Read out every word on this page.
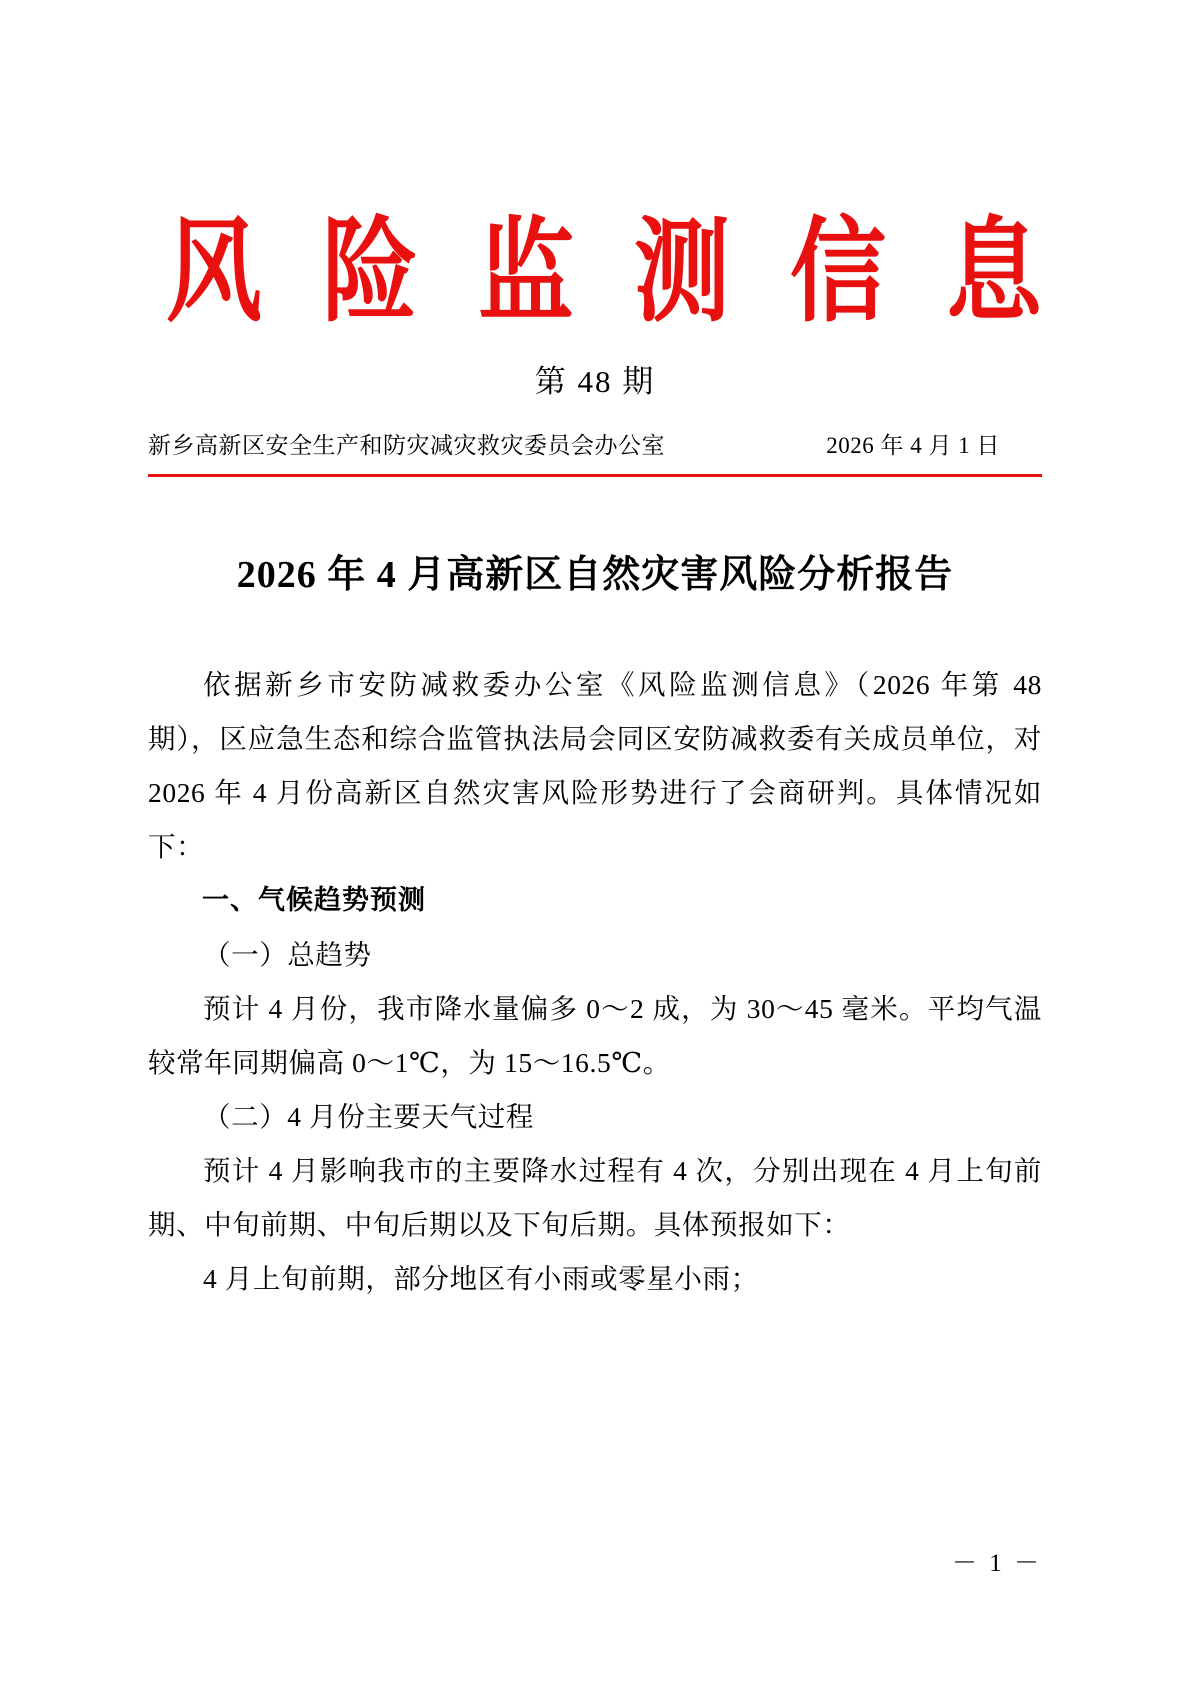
风 险 监 测 信 息
第 48 期
新乡高新区安全生产和防灾减灾救灾委员会办公室	2026 年 4 月 1 日
2026 年 4 月高新区自然灾害风险分析报告

依据新乡市安防减救委办公室《风险监测信息》（2026 年第 48 期），区应急生态和综合监管执法局会同区安防减救委有关成员单位，对 2026 年 4 月份高新区自然灾害风险形势进行了会商研判。具体情况如下：

一、气候趋势预测

（一）总趋势

预计 4 月份，我市降水量偏多 0～2 成，为 30～45 毫米。平均气温较常年同期偏高 0～1℃，为 15～16.5℃。

（二）4 月份主要天气过程

预计 4 月影响我市的主要降水过程有 4 次，分别出现在 4 月上旬前期、中旬前期、中旬后期以及下旬后期。具体预报如下：

4 月上旬前期，部分地区有小雨或零星小雨；

－ 1 －
